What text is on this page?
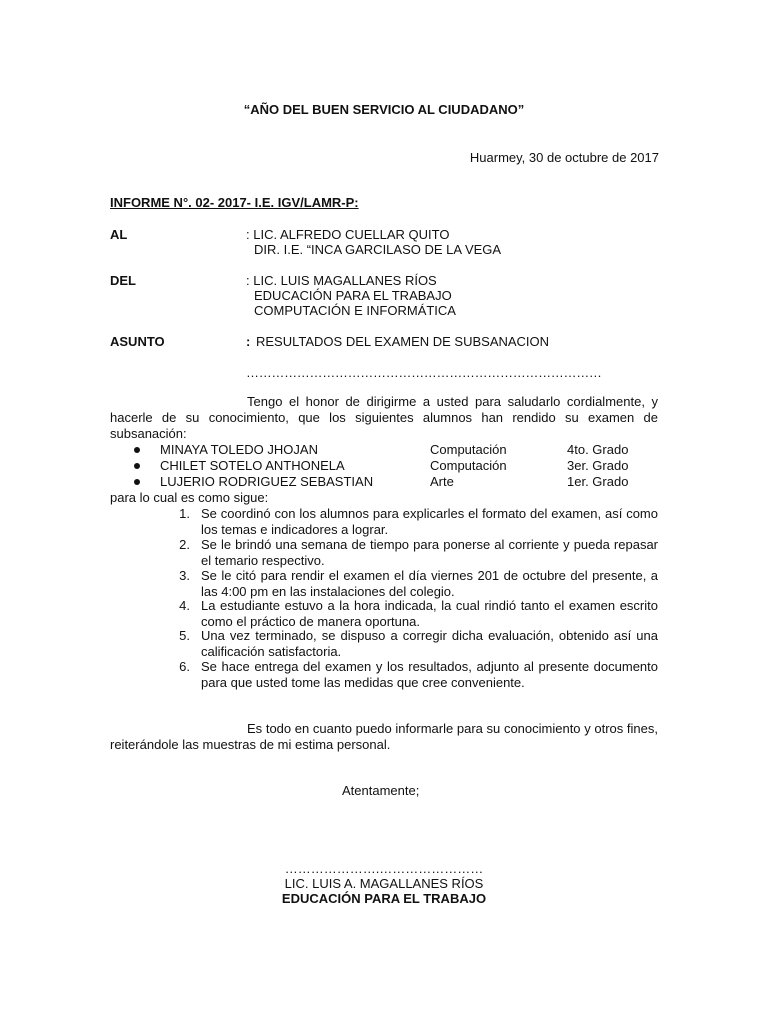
“AÑO DEL BUEN SERVICIO AL CIUDADANO”
Huarmey, 30 de octubre de 2017
INFORME N°. 02- 2017- I.E. IGV/LAMR-P:
AL	: LIC. ALFREDO CUELLAR QUITO
DIR. I.E. “INCA GARCILASO DE LA VEGA
DEL	: LIC. LUIS MAGALLANES RÍOS
EDUCACIÓN PARA EL TRABAJO
COMPUTACIÓN E INFORMÁTICA
ASUNTO	: RESULTADOS DEL EXAMEN DE SUBSANACION
…………………………………………………………………………
Tengo el honor de dirigirme a usted para saludarlo cordialmente, y hacerle de su conocimiento, que los siguientes alumnos han rendido su examen de subsanación:
MINAYA TOLEDO JHOJAN	Computación	4to. Grado
CHILET SOTELO ANTHONELA	Computación	3er. Grado
LUJERIO RODRIGUEZ SEBASTIAN	Arte	1er. Grado
para lo cual es como sigue:
1. Se coordinó con los alumnos para explicarles el formato del examen, así como los temas e indicadores a lograr.
2. Se le brindó una semana de tiempo para ponerse al corriente y pueda repasar el temario respectivo.
3. Se le citó para rendir el examen el día viernes 201 de octubre del presente, a las 4:00 pm en las instalaciones del colegio.
4. La estudiante estuvo a la hora indicada, la cual rindió tanto el examen escrito como el práctico de manera oportuna.
5. Una vez terminado, se dispuso a corregir dicha evaluación, obtenido así una calificación satisfactoria.
6. Se hace entrega del examen y los resultados, adjunto al presente documento para que usted tome las medidas que cree conveniente.
Es todo en cuanto puedo informarle para su conocimiento y otros fines, reiterándole las muestras de mi estima personal.
Atentamente;
………………….……………………
LIC. LUIS A. MAGALLANES RÍOS
EDUCACIÓN PARA EL TRABAJO
